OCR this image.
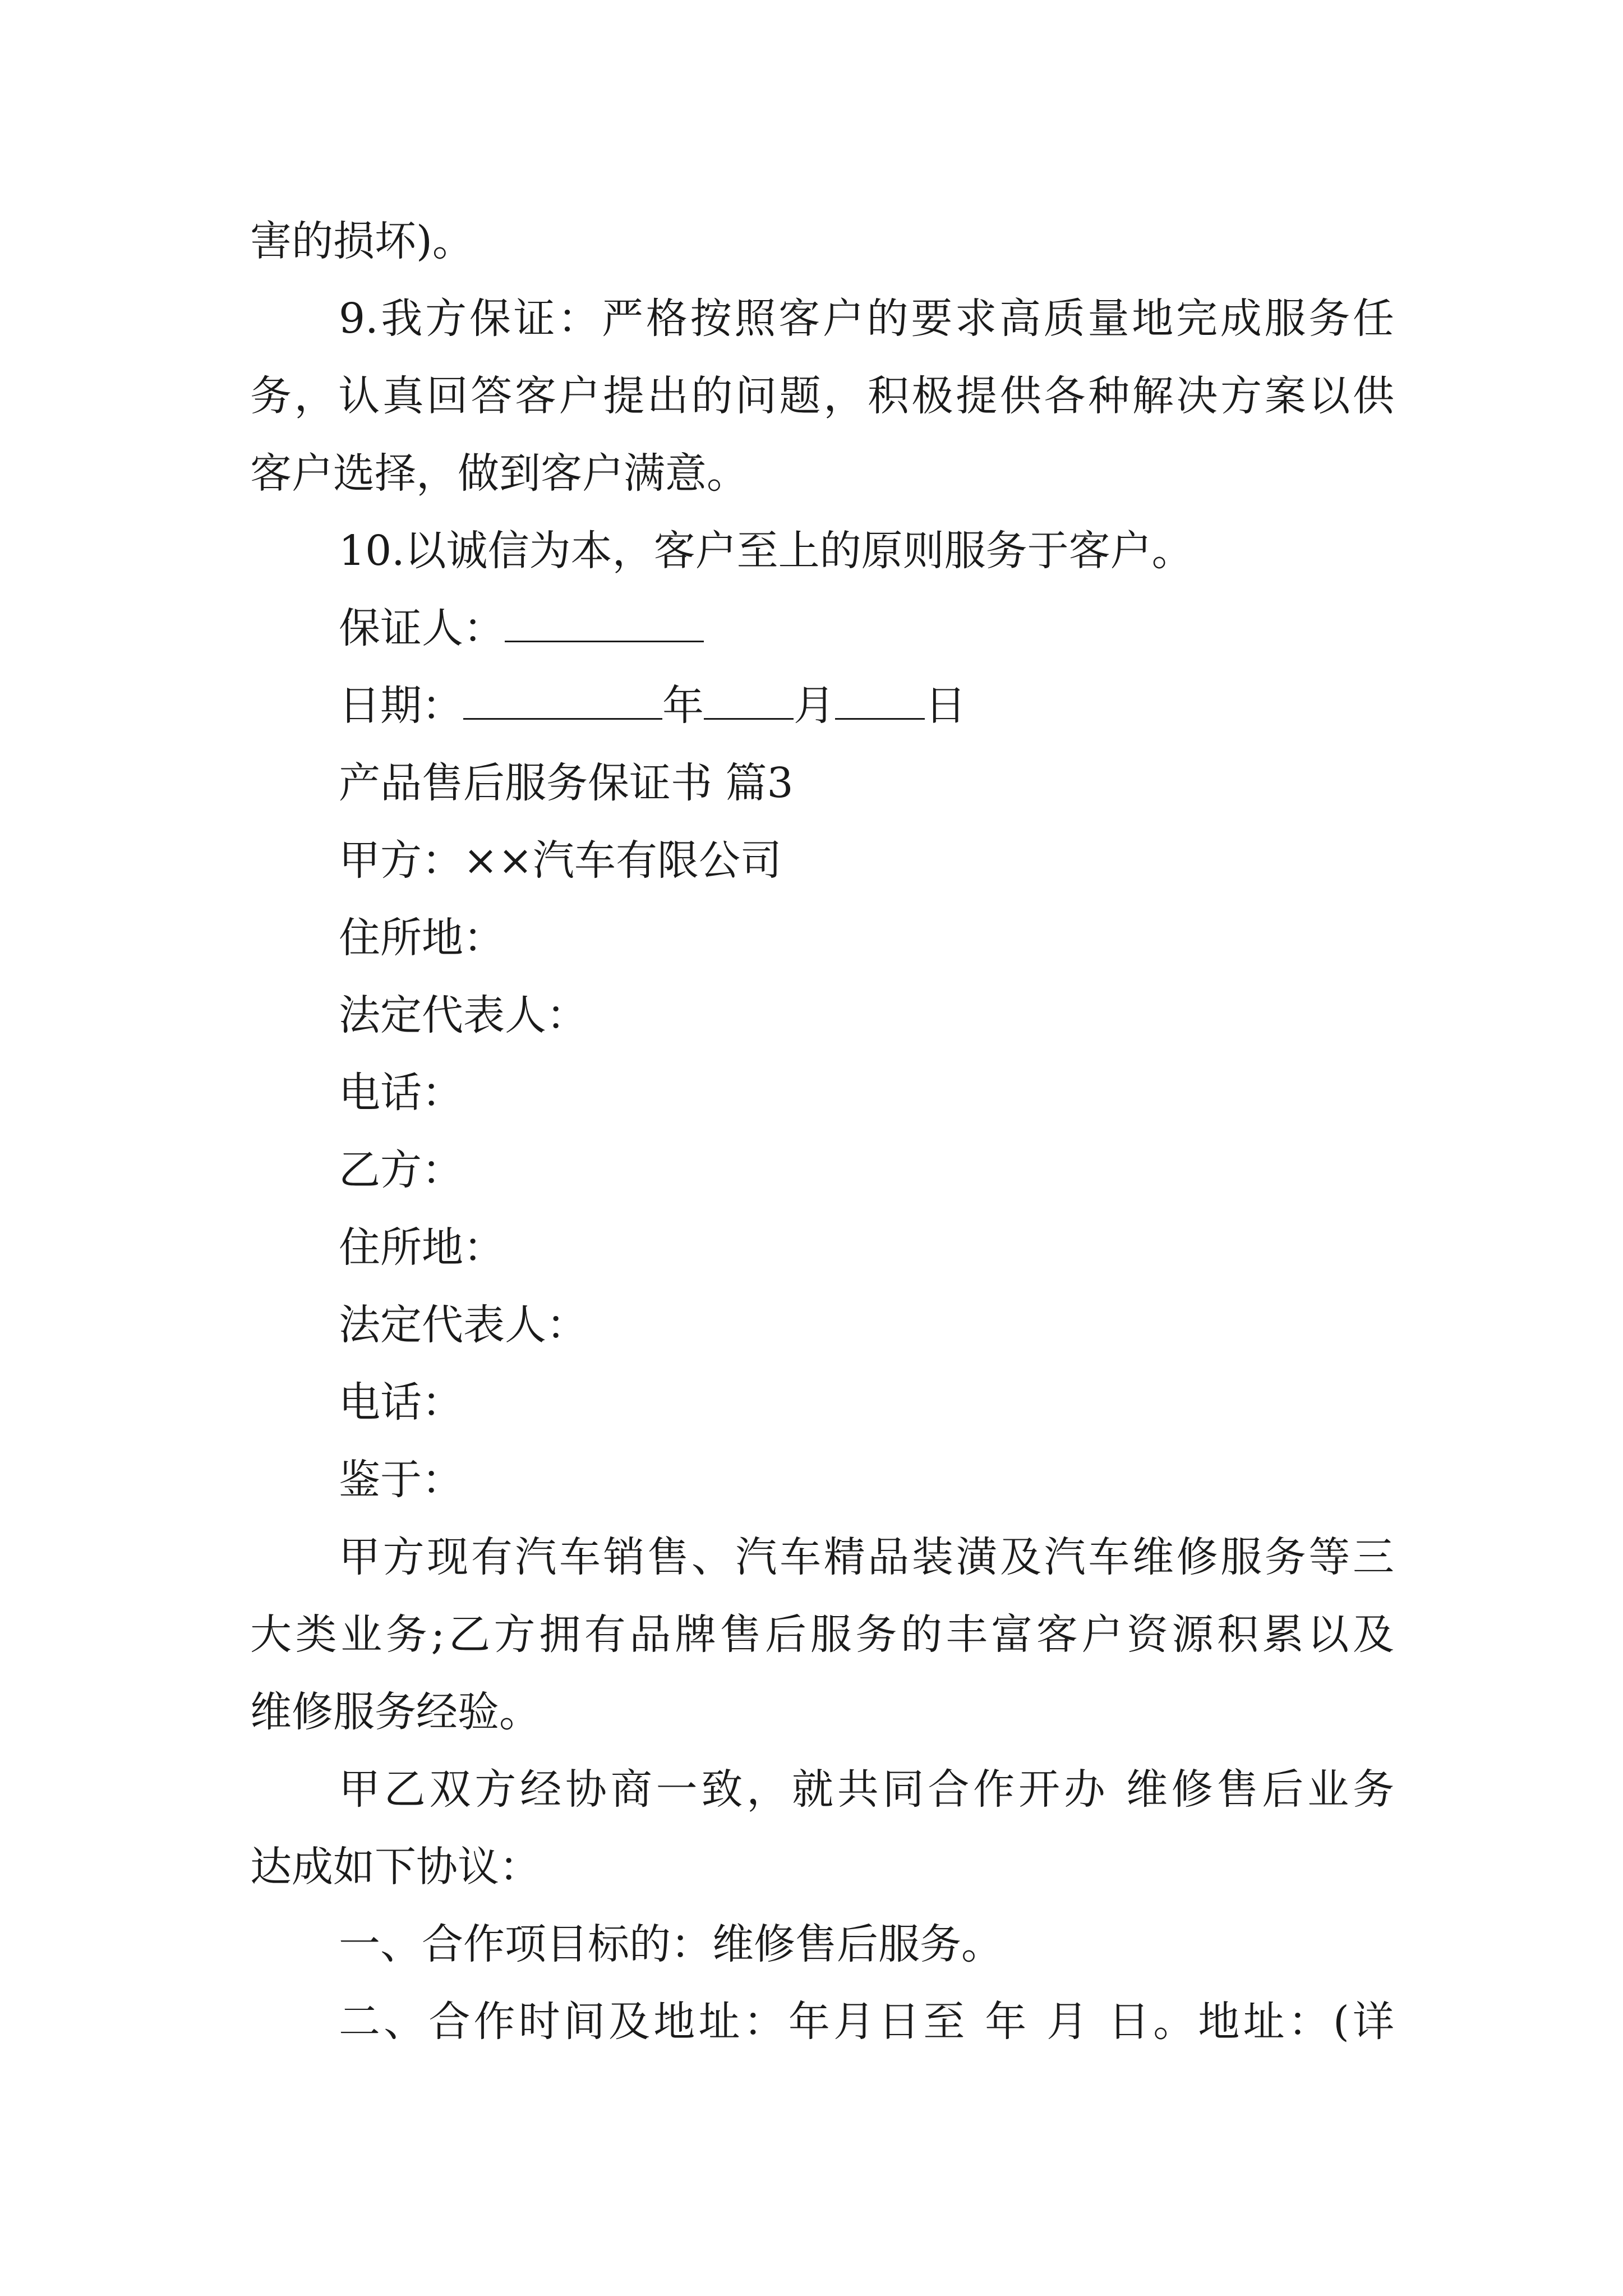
害的损坏)。
9.我方保证：严格按照客户的要求高质量地完成服务任
务，认真回答客户提出的问题，积极提供各种解决方案以供
客户选择，做到客户满意。
10.以诚信为本，客户至上的原则服务于客户。
保证人：
日期：	年 月 日
产品售后服务保证书 篇3
甲方：××汽车有限公司
住所地：
法定代表人：
电话：
乙方：
住所地：
法定代表人：
电话：
鉴于：
甲方现有汽车销售、汽车精品装潢及汽车维修服务等三
大类业务;乙方拥有品牌售后服务的丰富客户资源积累以及
维修服务经验。
甲乙双方经协商一致，就共同合作开办 维修售后业务
达成如下协议：
一、合作项目标的：维修售后服务。
二、合作时间及地址：年月日至 年 月 日。地址：(详
